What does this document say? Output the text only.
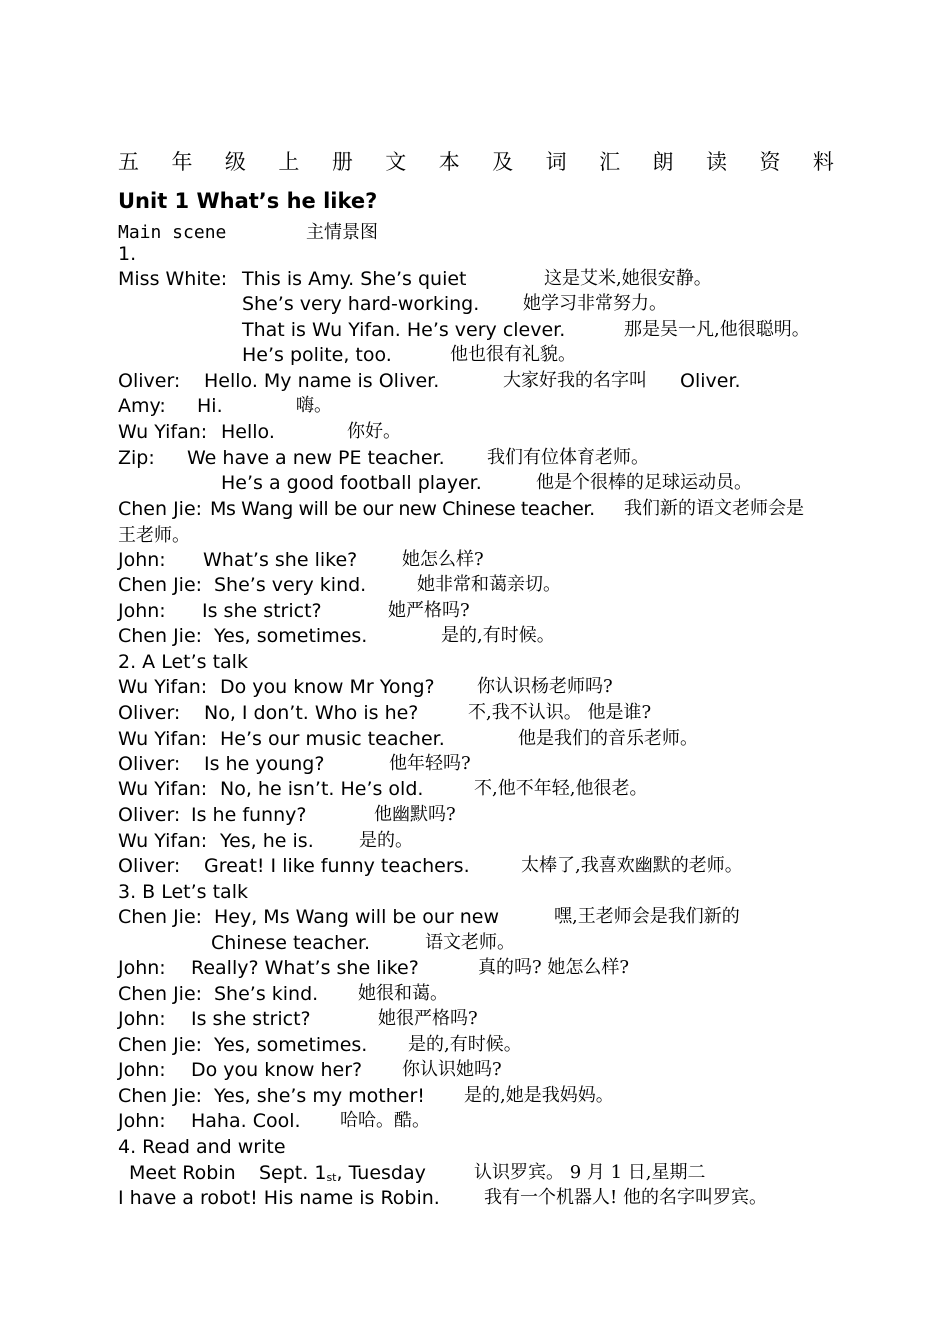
五 年 级 上 册 文 本 及 词 汇 朗 读 资 料
Unit 1 What’s he like?
Main scene	主情景图
1.
Miss White: This is Amy. She’s quiet	这是艾米,她很安静。
She’s very hard-working. 她学习非常努力。
That is Wu Yifan. He’s very clever.	那是吴一凡,他很聪明。
He’s polite, too.	他也很有礼貌。
Oliver: Hello. My name is Oliver.	大家好我的名字叫 Oliver.
Amy: Hi.	嗨。
Wu Yifan: Hello.	你好。
Zip: We have a new PE teacher. 我们有位体育老师。
He’s a good football player.	他是个很棒的足球运动员。
Chen Jie: Ms Wang will be our new Chinese teacher. 我们新的语文老师会是
王老师。
John: What’s she like? 她怎么样?
Chen Jie: She’s very kind.	她非常和蔼亲切。
John: Is she strict?	她严格吗?
Chen Jie: Yes, sometimes.	是的,有时候。
2. A Let’s talk
Wu Yifan: Do you know Mr Yong? 你认识杨老师吗?
Oliver: No, I don’t. Who is he?	不,我不认识。 他是谁?
Wu Yifan: He’s our music teacher.	他是我们的音乐老师。
Oliver: Is he young?	他年轻吗?
Wu Yifan: No, he isn’t. He’s old.	不,他不年轻,他很老。
Oliver: Is he funny?	他幽默吗?
Wu Yifan: Yes, he is.	是的。
Oliver: Great! I like funny teachers.	太棒了,我喜欢幽默的老师。
3. B Let’s talk
Chen Jie: Hey, Ms Wang will be our new	嘿,王老师会是我们新的
Chinese teacher.	语文老师。
John: Really? What’s she like?	真的吗? 她怎么样?
Chen Jie: She’s kind. 她很和蔼。
John: Is she strict?	她很严格吗?
Chen Jie: Yes, sometimes. 是的,有时候。
John: Do you know her? 你认识她吗?
Chen Jie: Yes, she’s my mother! 是的,她是我妈妈。
John: Haha. Cool. 哈哈。酷。
4. Read and write
Meet Robin Sept. $1_{st}$, Tuesday	认识罗宾。 9 月 1 日,星期二
I have a robot! His name is Robin. 我有一个机器人! 他的名字叫罗宾。
